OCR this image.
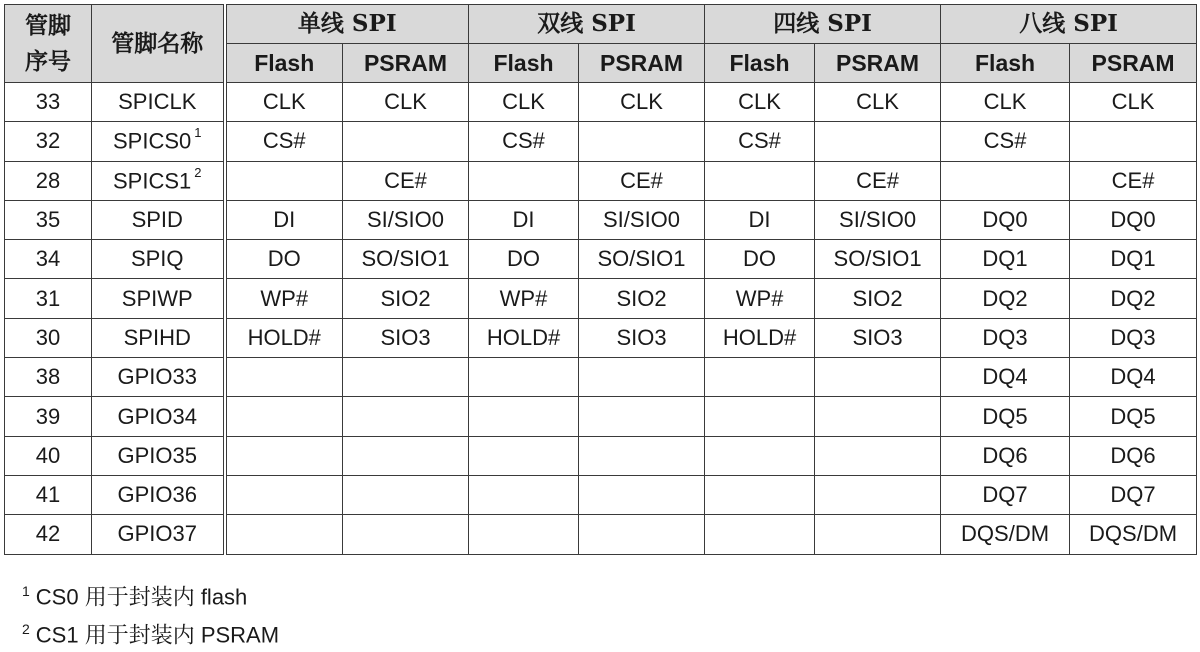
管脚
序号	管脚名称	单线 SPI		双线 SPI		四线 SPI		八线 SPI	
		Flash	PSRAM	Flash	PSRAM	Flash	PSRAM	Flash	PSRAM
33	SPICLK	CLK	CLK	CLK	CLK	CLK	CLK	CLK	CLK
32	SPICS0 $^1$	CS#		CS#		CS#		CS#	
28	SPICS1 $^2$		CE#		CE#		CE#		CE#
35	SPID	DI	SI/SIO0	DI	SI/SIO0	DI	SI/SIO0	DQ0	DQ0
34	SPIQ	DO	SO/SIO1	DO	SO/SIO1	DO	SO/SIO1	DQ1	DQ1
31	SPIWP	WP#	SIO2	WP#	SIO2	WP#	SIO2	DQ2	DQ2
30	SPIHD	HOLD#	SIO3	HOLD#	SIO3	HOLD#	SIO3	DQ3	DQ3
38	GPIO33							DQ4	DQ4
39	GPIO34							DQ5	DQ5
40	GPIO35							DQ6	DQ6
41	GPIO36							DQ7	DQ7
42	GPIO37							DQS/DM	DQS/DM
$^1$ CS0 用于封装内 flash
$^2$ CS1 用于封装内 PSRAM
